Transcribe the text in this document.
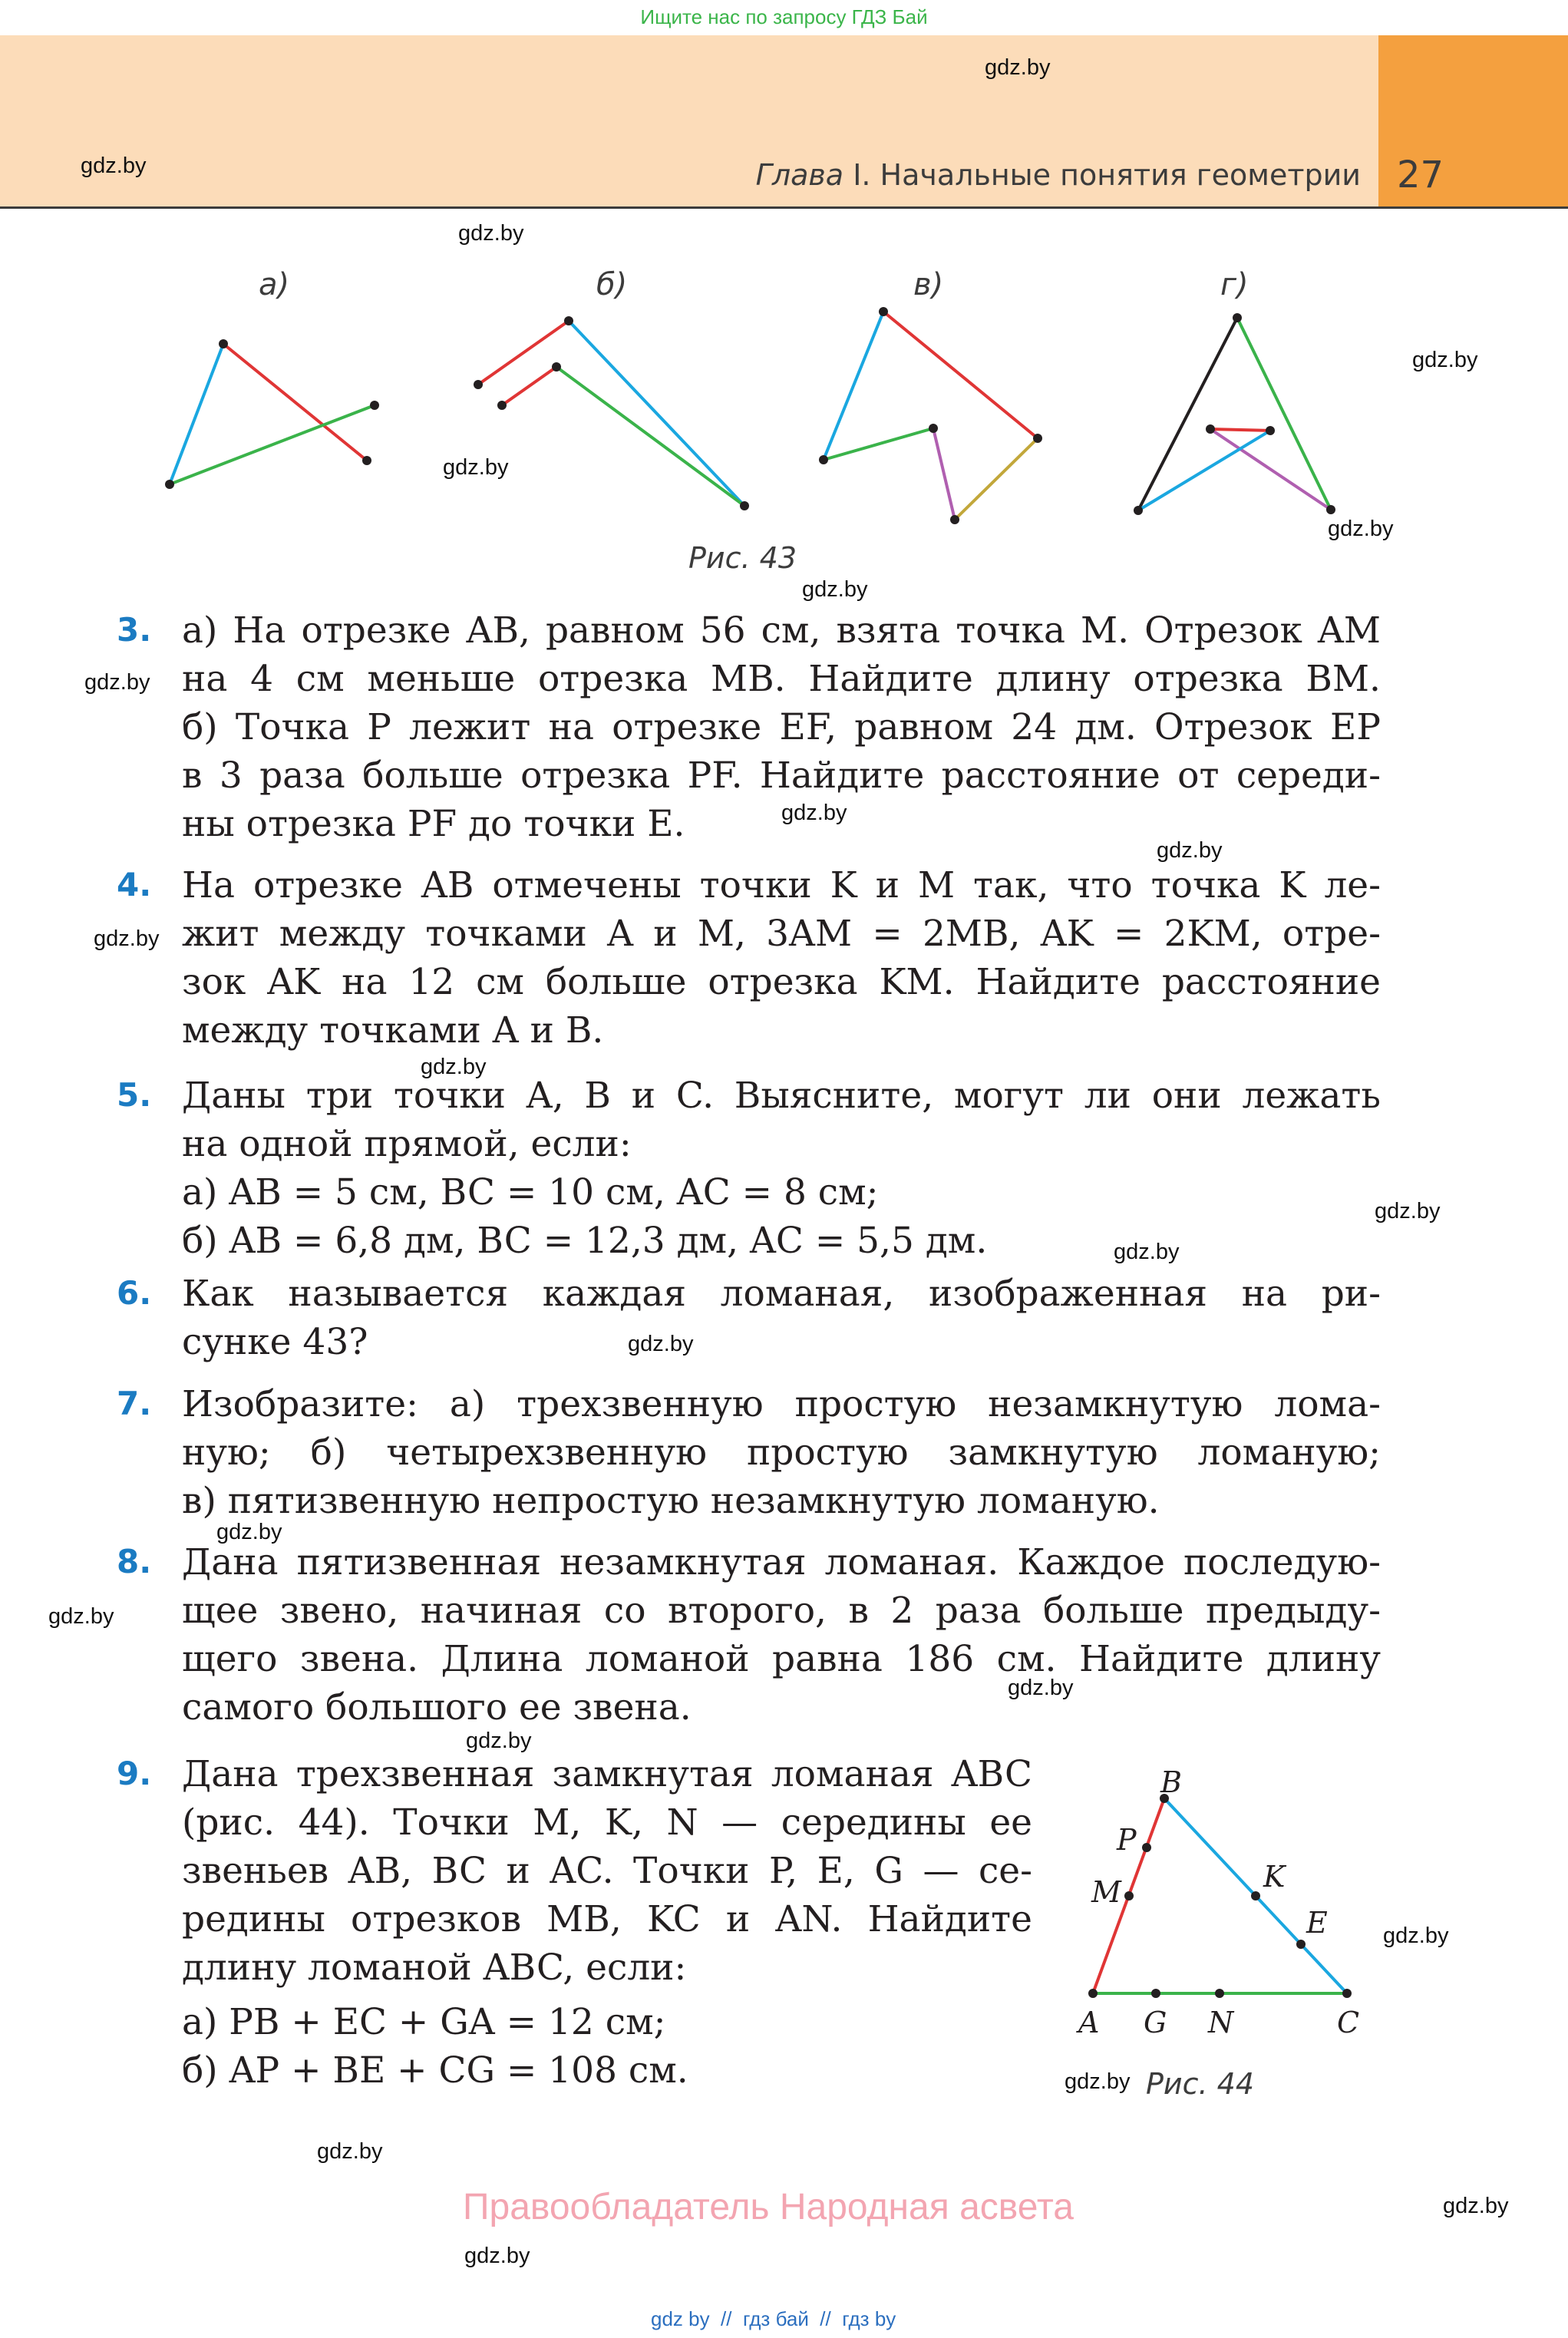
Ищите нас по запросу ГДЗ Бай
Глава I. Начальные понятия геометрии 27
gdz.by
gdz.by
gdz.by
gdz.by
gdz.by
gdz.by
gdz.by
gdz.by
gdz.by
gdz.by
gdz.by
gdz.by
gdz.by
gdz.by
gdz.by
gdz.by
gdz.by
gdz.by
gdz.by
gdz.by
gdz.by
gdz.by
gdz.by
gdz.by
а)	б)	в)	г)
Рис. 43
3. а) На отрезке AB, равном 56 см, взята точка M. Отрезок AM
на 4 см меньше отрезка MB. Найдите длину отрезка BM.
б) Точка P лежит на отрезке EF, равном 24 дм. Отрезок EP
в 3 раза больше отрезка PF. Найдите расстояние от середи-
ны отрезка PF до точки E.
4. На отрезке AB отмечены точки K и M так, что точка K ле-
жит между точками A и M, 3AM = 2MB, AK = 2KM, отре-
зок AK на 12 см больше отрезка KM. Найдите расстояние
между точками A и B.
5. Даны три точки A, B и C. Выясните, могут ли они лежать
на одной прямой, если:
а) AB = 5 см, BC = 10 см, AC = 8 см;
б) AB = 6,8 дм, BC = 12,3 дм, AC = 5,5 дм.
6. Как называется каждая ломаная, изображенная на ри-
сунке 43?
7. Изобразите: а) трехзвенную простую незамкнутую лома-
ную; б) четырехзвенную простую замкнутую ломаную;
в) пятизвенную непростую незамкнутую ломаную.
8. Дана пятизвенная незамкнутая ломаная. Каждое последую-
щее звено, начиная со второго, в 2 раза больше предыду-
щего звена. Длина ломаной равна 186 см. Найдите длину
самого большого ее звена.
9. Дана трехзвенная замкнутая ломаная ABC
(рис. 44). Точки M, K, N — середины ее
звеньев AB, BC и AC. Точки P, E, G — се-
редины отрезков MB, KC и AN. Найдите
длину ломаной ABC, если:
а) PB + EC + GA = 12 см;
б) AP + BE + CG = 108 см.
B
P
M	K
E
A G N	C
Рис. 44
Правообладатель Народная асвета
gdz by  //  гдз бай  //  гдз by
